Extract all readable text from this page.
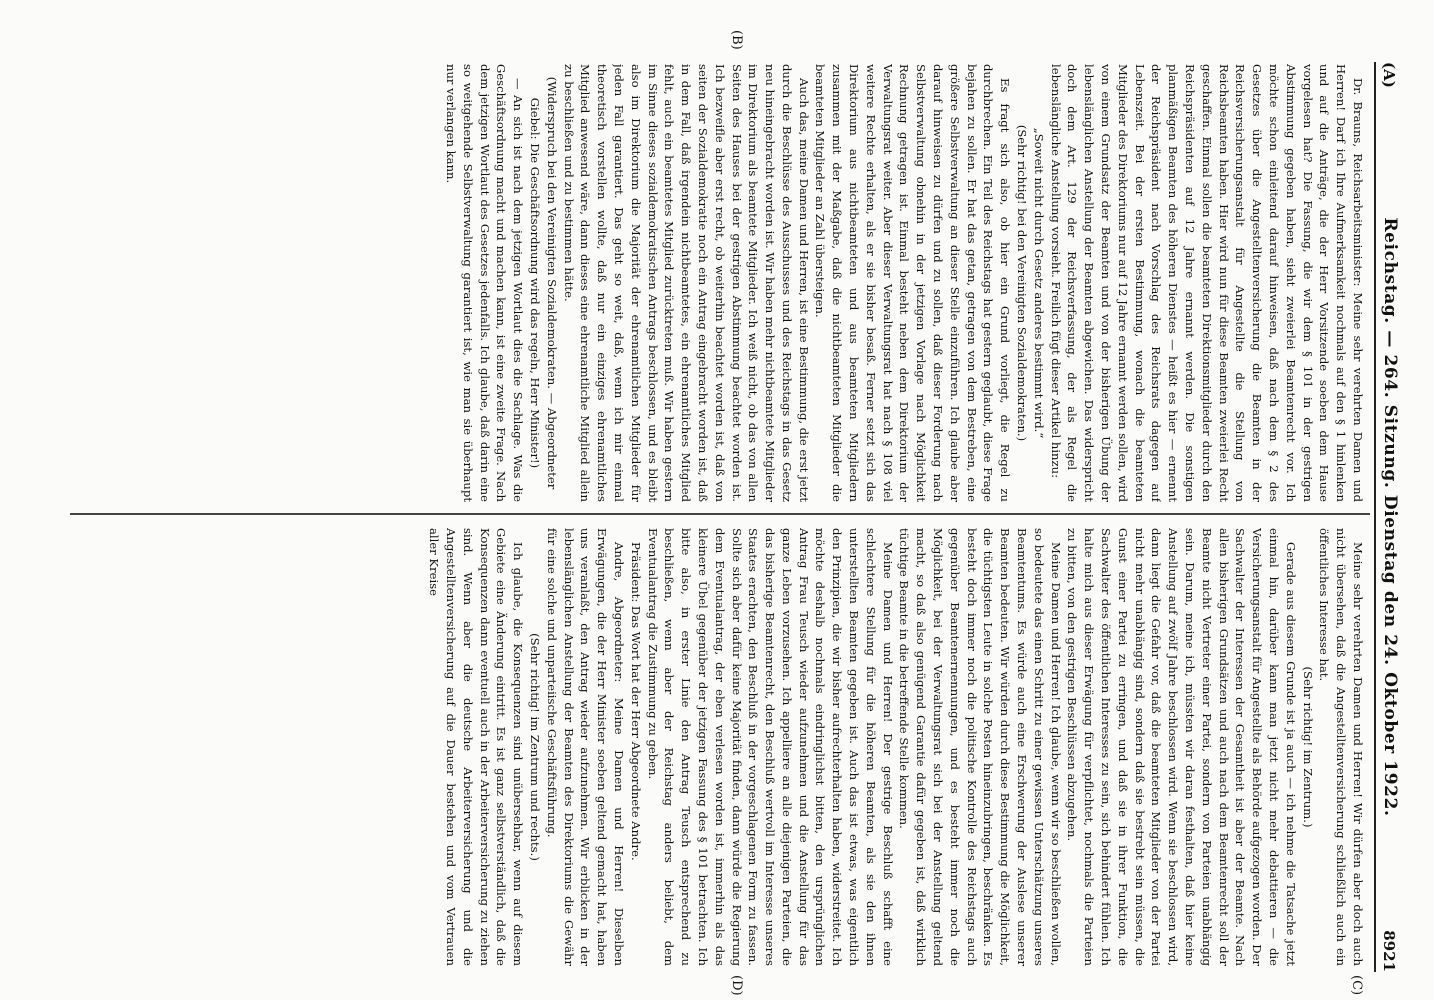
(A)
Reichstag. — 264. Sitzung. Dienstag den 24. Oktober 1922.
8921
(B)
(C)
(D)

Dr. Brauns, Reichsarbeitsminister: Meine sehr verehrten Damen und Herren! Darf ich Ihre Aufmerksamkeit nochmals auf den § 1 hinlenken und auf die Anträge, die der Herr Vorsitzende soeben dem Hause vorgelesen hat? Die Fassung, die wir dem § 101 in der gestrigen Abstimmung gegeben haben, sieht zweierlei Beamtenrecht vor. Ich möchte schon einleitend darauf hinweisen, daß nach dem § 2 des Gesetzes über die Angestelltenversicherung die Beamten in der Reichsversicherungsanstalt für Angestellte die Stellung von Reichsbeamten haben. Hier wird nun für diese Beamten zweierlei Recht geschaffen. Einmal sollen die beamteten Direktionsmitglieder durch den Reichspräsidenten auf 12 Jahre ernannt werden. Die sonstigen planmäßigen Beamten des höheren Dienstes — heißt es hier — ernennt der Reichspräsident nach Vorschlag des Reichsrats dagegen auf Lebenszeit. Bei der ersten Bestimmung, wonach die beamteten Mitglieder des Direktoriums nur auf 12 Jahre ernannt werden sollen, wird von einem Grundsatz der Beamten und von der bisherigen Übung der lebenslänglichen Anstellung der Beamten abgewichen. Das widerspricht doch dem Art. 129 der Reichsverfassung, der als Regel die lebenslängliche Anstellung vorsieht. Freilich fügt dieser Artikel hinzu:

„Soweit nicht durch Gesetz anderes bestimmt wird.“

(Sehr richtig! bei den Vereinigten Sozialdemokraten.)

Es fragt sich also, ob hier ein Grund vorliegt, die Regel zu durchbrechen. Ein Teil des Reichstags hat gestern geglaubt, diese Frage bejahen zu sollen. Er hat das getan, getragen von dem Bestreben, eine größere Selbstverwaltung an dieser Stelle einzuführen. Ich glaube aber darauf hinweisen zu dürfen und zu sollen, daß dieser Forderung nach Selbstverwaltung obnehin in der jetzigen Vorlage nach Möglichkeit Rechnung getragen ist. Einmal besteht neben dem Direktorium der Verwaltungsrat weiter. Aber dieser Verwaltungsrat hat nach § 108 viel weitere Rechte erhalten, als er sie bisher besaß. Ferner setzt sich das Direktorium aus nichtbeamteten und aus beamteten Mitgliedern zusammen mit der Maßgabe, daß die nichtbeamteten Mitglieder die beamteten Mitglieder an Zahl übersteigen.

Auch das, meine Damen und Herren, ist eine Bestimmung, die erst jetzt durch die Beschlüsse des Ausschusses und des Reichstags in das Gesetz neu hineingebracht worden ist. Wir haben mehr nichtbeamtete Mitglieder im Direktorium als beamtete Mitglieder. Ich weiß nicht, ob das von allen Seiten des Hauses bei der gestrigen Abstimmung beachtet worden ist. Ich bezweifle aber erst recht, ob weiterhin beachtet worden ist, daß von seiten der Sozialdemokratie noch ein Antrag eingebracht worden ist, daß in dem Fall, daß irgendein nichtbeamtetes, ein ehrenamtliches Mitglied fehlt, auch ein beamtetes Mitglied zurücktreten muß. Wir haben gestern im Sinne dieses sozialdemokratischen Antrags beschlossen, und es bleibt also im Direktorium die Majorität der ehrenamtlichen Mitglieder für jeden Fall garantiert. Das geht so weit, daß, wenn ich mir einmal theoretisch vorstellen wollte, daß nur ein einziges ehrenamtliches Mitglied anwesend wäre, dann dieses eine ehrenamtliche Mitglied allein zu beschließen und zu bestimmen hätte.

(Widerspruch bei den Vereinigten Sozialdemokraten. — Abgeordneter Giebel: Die Geschäftsordnung wird das regeln, Herr Minister!)

— An sich ist nach dem jetzigen Wortlaut dies die Sachlage. Was die Geschäftsordnung macht und machen kann, ist eine zweite Frage. Nach dem jetzigen Wortlaut des Gesetzes jedenfalls. Ich glaube, daß darin eine so weitgehende Selbstverwaltung garantiert ist, wie man sie überhaupt nur verlangen kann.

Meine sehr verehrten Damen und Herren! Wir dürfen aber doch auch nicht übersehen, daß die Angestelltenversicherung schließlich auch ein öffentliches Interesse hat.

(Sehr richtig! im Zentrum.)

Gerade aus diesem Grunde ist ja auch — ich nehme die Tatsache jetzt einmal hin, darüber kann man jetzt nicht mehr debattieren — die Versicherungsanstalt für Angestellte als Behörde aufgezogen worden. Der Sachwalter der Interessen der Gesamtheit ist aber der Beamte. Nach allen bisherigen Grundsätzen und auch nach dem Beamtenrecht soll der Beamte nicht Vertreter einer Partei, sondern von Parteien unabhängig sein. Darum, meine ich, müssten wir daran festhalten, daß hier keine Anstellung auf zwölf Jahre beschlossen wird. Wenn sie beschlossen wird, dann liegt die Gefahr vor, daß die beamteten Mitglieder von der Partei nicht mehr unabhängig sind, sondern daß sie bestrebt sein müssen, die Gunst einer Partei zu erringen, und daß sie in ihrer Funktion, die Sachwalter des öffentlichen Interesses zu sein, sich behindert fühlen. Ich halte mich aus dieser Erwägung für verpflichtet, nochmals die Parteien zu bitten, von den gestrigen Beschlüssen abzugehen.

Meine Damen und Herren! Ich glaube, wenn wir so beschließen wollen, so bedeutete das einen Schritt zu einer gewissen Unterschätzung unseres Beamtentums. Es würde auch eine Erschwerung der Auslese unserer Beamten bedeuten. Wir würden durch diese Bestimmung die Möglichkeit, die tüchtigsten Leute in solche Posten hineinzubringen, beschränken. Es besteht doch immer noch die politische Kontrolle des Reichstags auch gegenüber Beamtenernennungen, und es besteht immer noch die Möglichkeit, bei der Verwaltungsrat sich bei der Anstellung geltend macht, so daß also genügend Garantie dafür gegeben ist, daß wirklich tüchtige Beamte in die betreffende Stelle kommen.

Meine Damen und Herren! Der gestrige Beschluß schafft eine schlechtere Stellung für die höheren Beamten, als sie den ihnen unterstellten Beamten gegeben ist. Auch das ist etwas, was eigentlich den Prinzipien, die wir bisher aufrechterhalten haben, widerstreitet. Ich möchte deshalb nochmals eindringlichst bitten, den ursprünglichen Antrag Frau Teusch wieder aufzunehmen und die Anstellung für das ganze Leben vorzusehen. Ich appelliere an alle diejenigen Parteien, die das bisherige Beamtenrecht, den Beschluß wertvoll im Interesse unseres Staates erachten, den Beschluß in der vorgeschlagenen Form zu fassen. Sollte sich aber dafür keine Majorität finden, dann würde die Regierung dem Eventualantrag, der eben verlesen worden ist, immerhin als das kleinere Übel gegenüber der jetzigen Fassung des § 101 betrachten. Ich bitte also, in erster Linie den Antrag Teusch entsprechend zu beschließen, wenn aber der Reichstag anders beliebt, dem Eventualantrag die Zustimmung zu geben.

Präsident: Das Wort hat der Herr Abgeordnete Andre.

Andre, Abgeordneter: Meine Damen und Herren! Dieselben Erwägungen, die der Herr Minister soeben geltend gemacht hat, haben uns veranlaßt, den Antrag wieder aufzunehmen. Wir erblicken in der lebenslänglichen Anstellung der Beamten des Direktoriums die Gewähr für eine solche und unparteiische Geschäftsführung.

(Sehr richtig! im Zentrum und rechts.)

Ich glaube, die Konsequenzen sind unübersehbar, wenn auf diesem Gebiete eine Änderung eintritt. Es ist ganz selbstverständlich, daß die Konsequenzen dann eventuell auch in der Arbeiterversicherung zu ziehen sind. Wenn aber die deutsche Arbeiterversicherung und die Angestelltenversicherung auf die Dauer bestehen und vom Vertrauen aller Kreise
